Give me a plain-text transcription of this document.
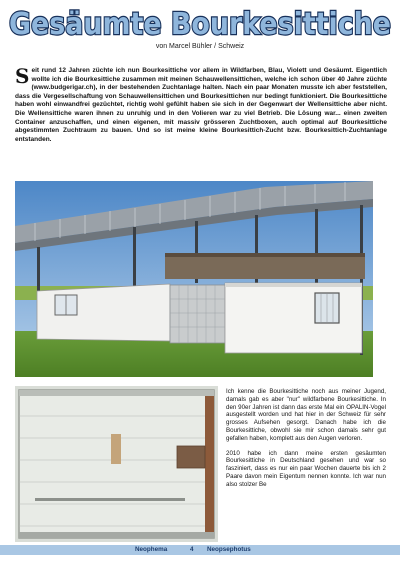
Gesäumte Bourkesittiche
von Marcel Bühler / Schweiz
Seit rund 12 Jahren züchte ich nun Bourkesittiche vor allem in Wildfarben, Blau, Violett und Gesäumt. Eigentlich wollte ich die Bourkesittiche zusammen mit meinen Schauwellensittichen, welche ich schon über 40 Jahre züchte (www.budgerigar.ch), in der bestehenden Zuchtanlage halten. Nach ein paar Monaten musste ich aber feststellen, dass die Vergesellschaftung von Schauwellensittichen und Bourkesittichen nur bedingt funktioniert. Die Bourkesittiche haben wohl einwandfrei gezüchtet, richtig wohl gefühlt haben sie sich in der Gegenwart der Wellensittiche aber nicht. Die Wellensittiche waren ihnen zu unruhig und in den Volieren war zu viel Betrieb. Die Lösung war... einen zweiten Container anzuschaffen, und einen eigenen, mit massiv grösseren Zuchtboxen, auch optimal auf Bourkesittiche abgestimmten Zuchtraum zu bauen. Und so ist meine kleine Bourkesittich-Zucht bzw. Bourkesittich-Zuchtanlage entstanden.

Ich kenne die Bourkesittiche noch aus meiner Jugend, damals gab es aber "nur" wildfarbene Bourkesittiche. In den 90er Jahren ist dann das erste Mal ein OPALIN-Vogel ausgestellt worden und hat hier in der Schweiz für sehr grosses Aufsehen gesorgt. Danach habe ich die Bourkesittiche, obwohl sie mir schon damals sehr gut gefallen haben, komplett aus den Augen verloren.

2010 habe ich dann meine ersten gesäumten Bourkesittiche in Deutschland gesehen und war so fasziniert, dass es nur ein paar Wochen dauerte bis ich 2 Paare davon mein Eigentum nennen konnte. Ich war nun also stolzer Be

Neophema	4 Neopsephotus
